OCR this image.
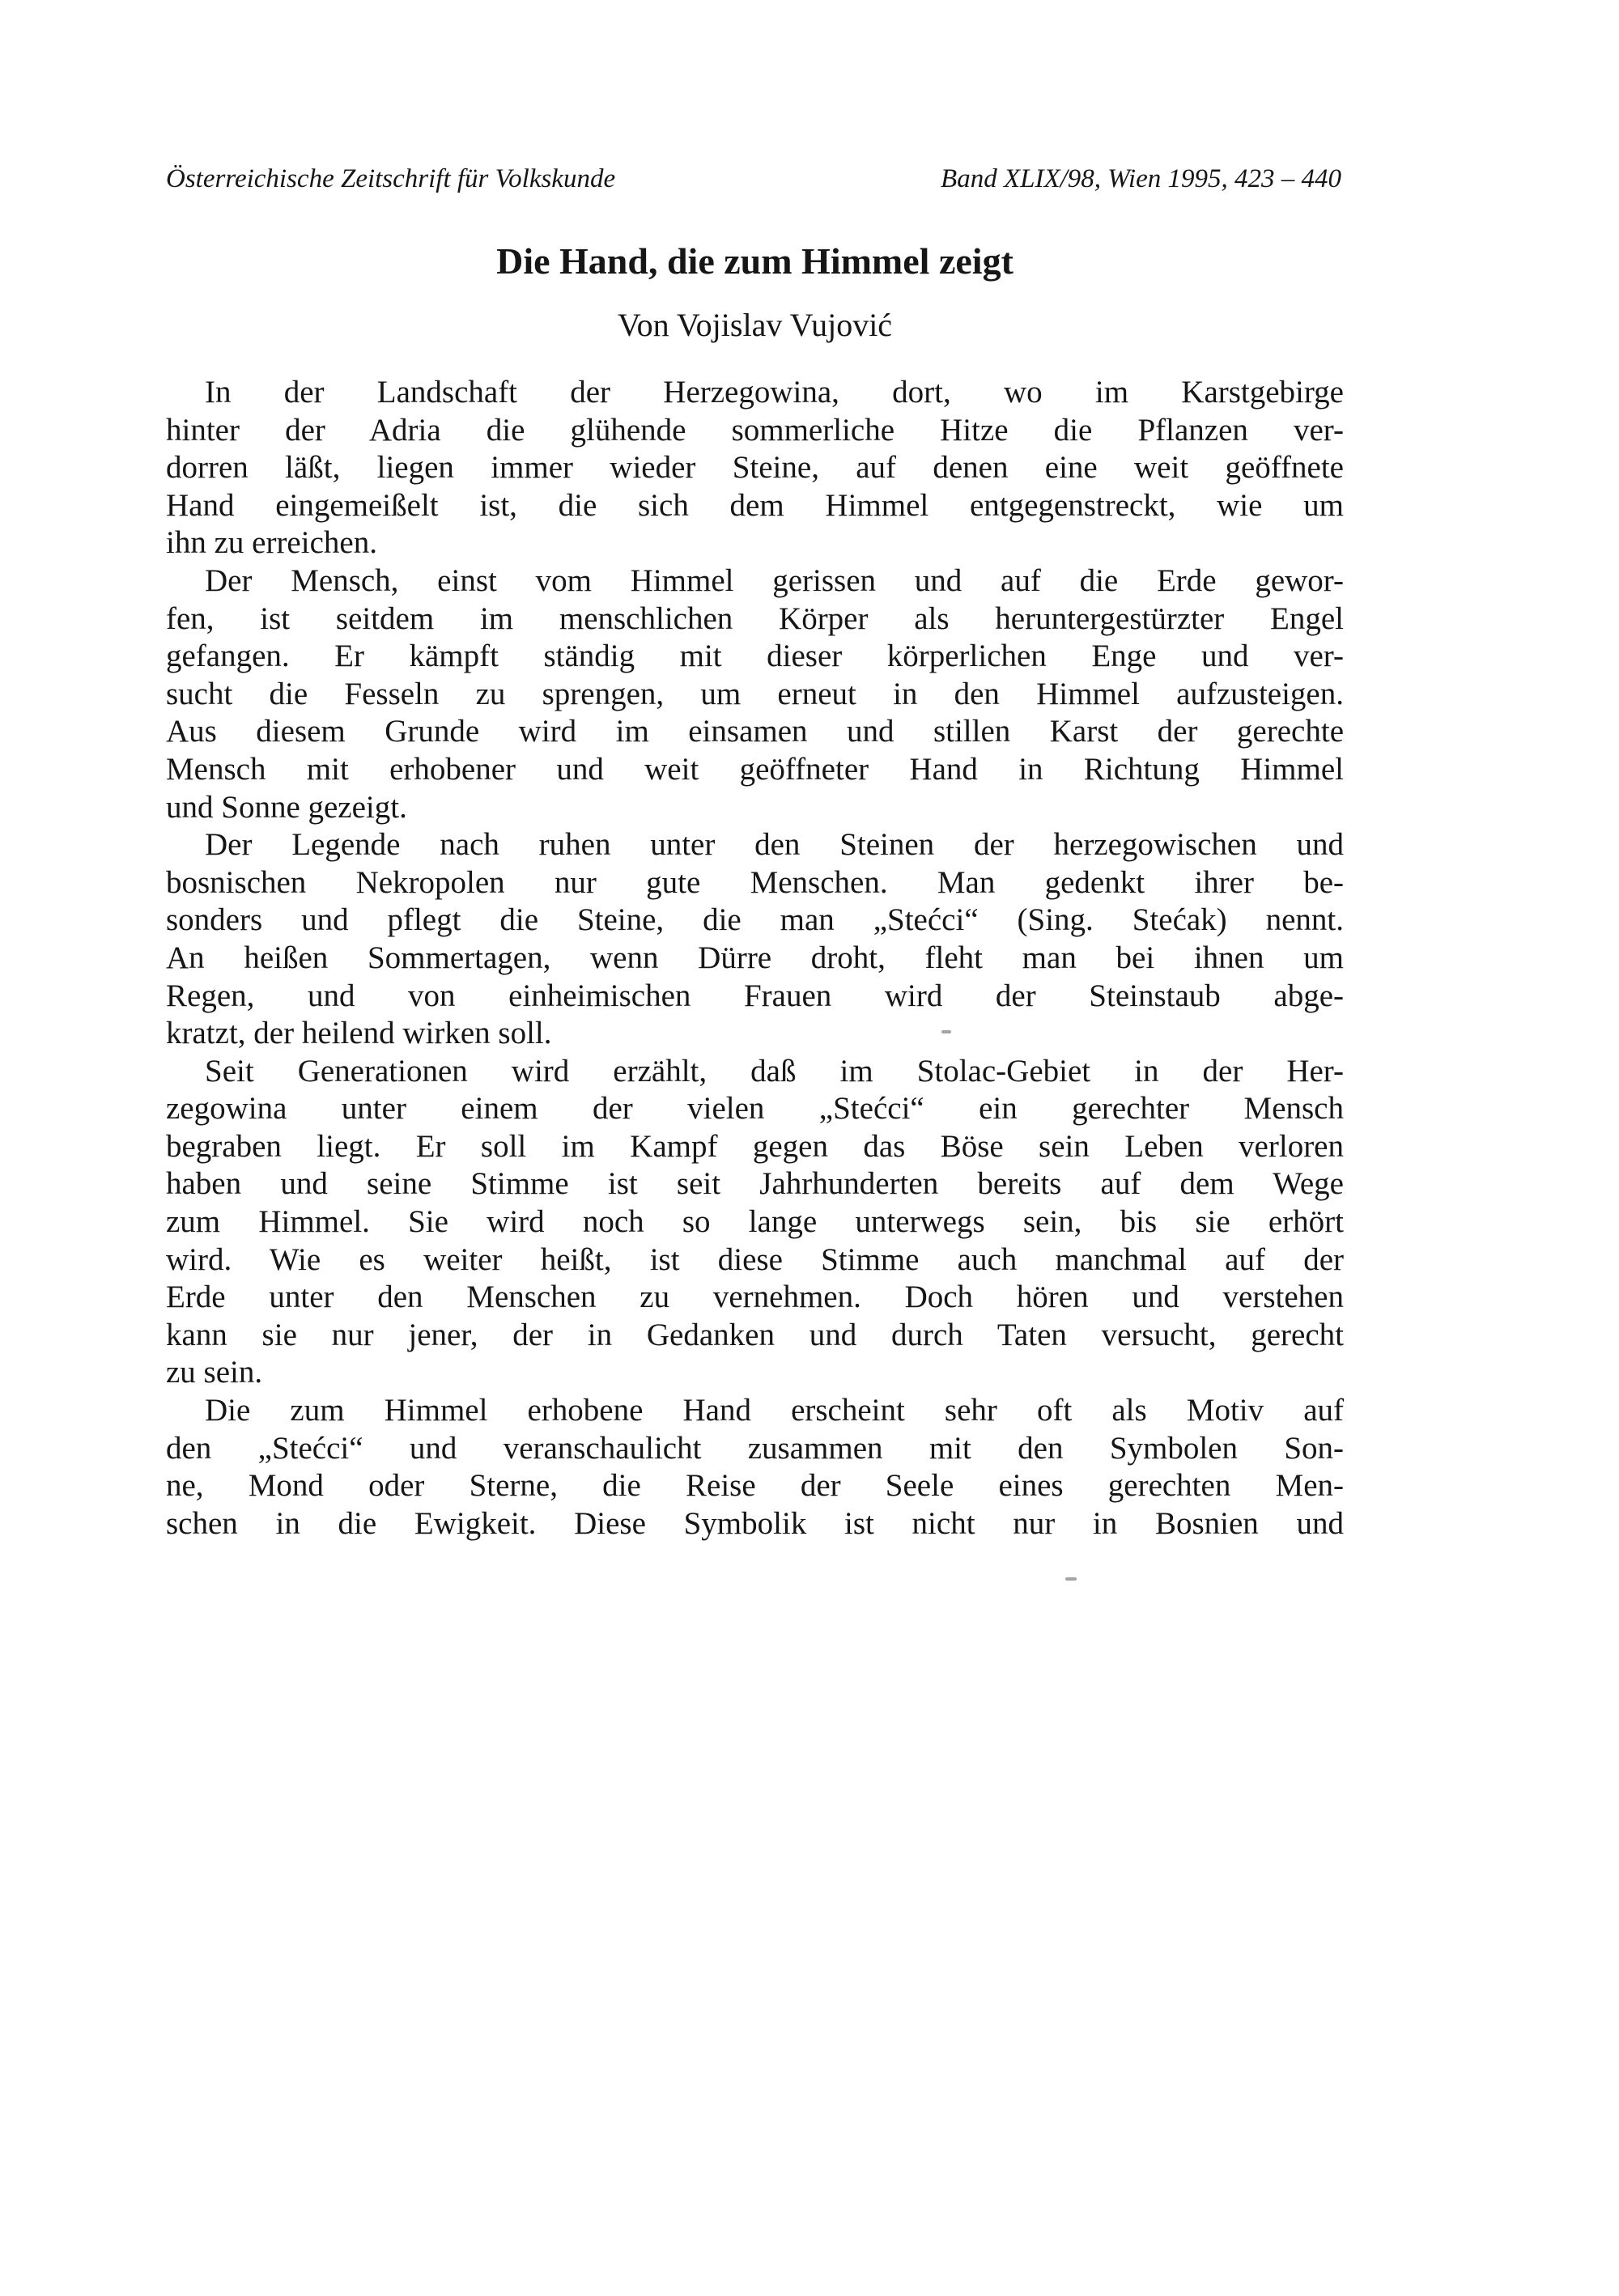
Österreichische Zeitschrift für Volkskunde	Band XLIX/98, Wien 1995, 423 – 440
Die Hand, die zum Himmel zeigt
Von Vojislav Vujović
In der Landschaft der Herzegowina, dort, wo im Karstgebirge
hinter der Adria die glühende sommerliche Hitze die Pflanzen ver-
dorren läßt, liegen immer wieder Steine, auf denen eine weit geöffnete
Hand eingemeißelt ist, die sich dem Himmel entgegenstreckt, wie um
ihn zu erreichen.
Der Mensch, einst vom Himmel gerissen und auf die Erde gewor-
fen, ist seitdem im menschlichen Körper als heruntergestürzter Engel
gefangen. Er kämpft ständig mit dieser körperlichen Enge und ver-
sucht die Fesseln zu sprengen, um erneut in den Himmel aufzusteigen.
Aus diesem Grunde wird im einsamen und stillen Karst der gerechte
Mensch mit erhobener und weit geöffneter Hand in Richtung Himmel
und Sonne gezeigt.
Der Legende nach ruhen unter den Steinen der herzegowischen und
bosnischen Nekropolen nur gute Menschen. Man gedenkt ihrer be-
sonders und pflegt die Steine, die man „Stećci“ (Sing. Stećak) nennt.
An heißen Sommertagen, wenn Dürre droht, fleht man bei ihnen um
Regen, und von einheimischen Frauen wird der Steinstaub abge-
kratzt, der heilend wirken soll.
Seit Generationen wird erzählt, daß im Stolac-Gebiet in der Her-
zegowina unter einem der vielen „Stećci“ ein gerechter Mensch
begraben liegt. Er soll im Kampf gegen das Böse sein Leben verloren
haben und seine Stimme ist seit Jahrhunderten bereits auf dem Wege
zum Himmel. Sie wird noch so lange unterwegs sein, bis sie erhört
wird. Wie es weiter heißt, ist diese Stimme auch manchmal auf der
Erde unter den Menschen zu vernehmen. Doch hören und verstehen
kann sie nur jener, der in Gedanken und durch Taten versucht, gerecht
zu sein.
Die zum Himmel erhobene Hand erscheint sehr oft als Motiv auf
den „Stećci“ und veranschaulicht zusammen mit den Symbolen Son-
ne, Mond oder Sterne, die Reise der Seele eines gerechten Men-
schen in die Ewigkeit. Diese Symbolik ist nicht nur in Bosnien und
